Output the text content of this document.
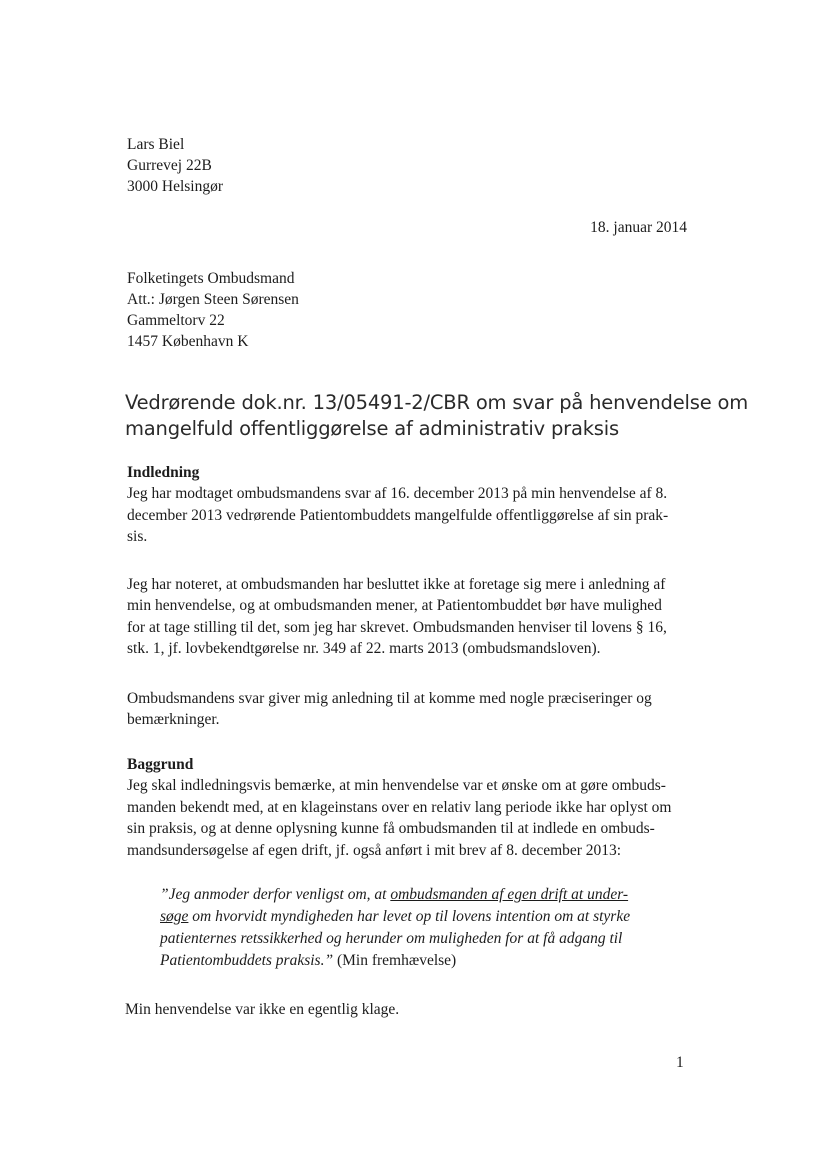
Lars Biel
Gurrevej 22B
3000 Helsingør
18. januar 2014
Folketingets Ombudsmand
Att.: Jørgen Steen Sørensen
Gammeltorv 22
1457 København K
Vedrørende dok.nr. 13/05491-2/CBR om svar på henvendelse om
mangelfuld offentliggørelse af administrativ praksis
Indledning
Jeg har modtaget ombudsmandens svar af 16. december 2013 på min henvendelse af 8.
december 2013 vedrørende Patientombuddets mangelfulde offentliggørelse af sin prak-
sis.
Jeg har noteret, at ombudsmanden har besluttet ikke at foretage sig mere i anledning af
min henvendelse, og at ombudsmanden mener, at Patientombuddet bør have mulighed
for at tage stilling til det, som jeg har skrevet. Ombudsmanden henviser til lovens § 16,
stk. 1, jf. lovbekendtgørelse nr. 349 af 22. marts 2013 (ombudsmandsloven).
Ombudsmandens svar giver mig anledning til at komme med nogle præciseringer og
bemærkninger.
Baggrund
Jeg skal indledningsvis bemærke, at min henvendelse var et ønske om at gøre ombuds-
manden bekendt med, at en klageinstans over en relativ lang periode ikke har oplyst om
sin praksis, og at denne oplysning kunne få ombudsmanden til at indlede en ombuds-
mandsundersøgelse af egen drift, jf. også anført i mit brev af 8. december 2013:
”Jeg anmoder derfor venligst om, at ombudsmanden af egen drift at under-
søge om hvorvidt myndigheden har levet op til lovens intention om at styrke
patienternes retssikkerhed og herunder om muligheden for at få adgang til
Patientombuddets praksis.” (Min fremhævelse)
Min henvendelse var ikke en egentlig klage.
1
